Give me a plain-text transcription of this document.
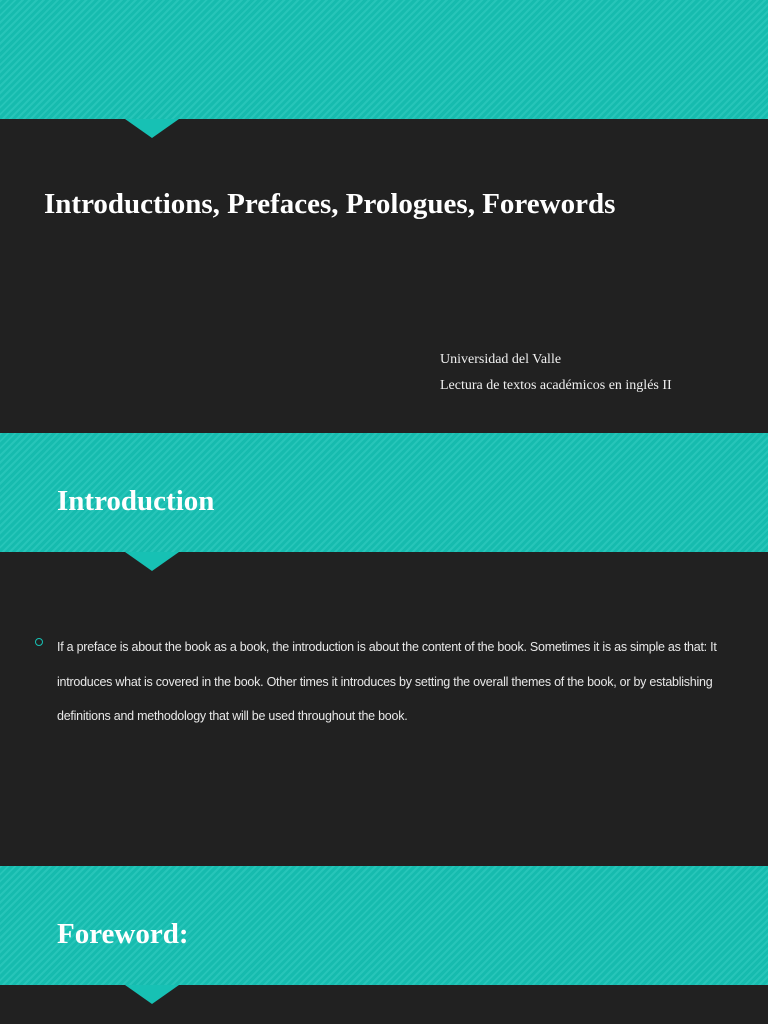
Introductions, Prefaces, Prologues, Forewords
Universidad del Valle
Lectura de textos académicos en inglés II
Introduction

If a preface is about the book as a book, the introduction is about the content of the book. Sometimes it is as simple as that: It introduces what is covered in the book. Other times it introduces by setting the overall themes of the book, or by establishing definitions and methodology that will be used throughout the book.

Foreword:
